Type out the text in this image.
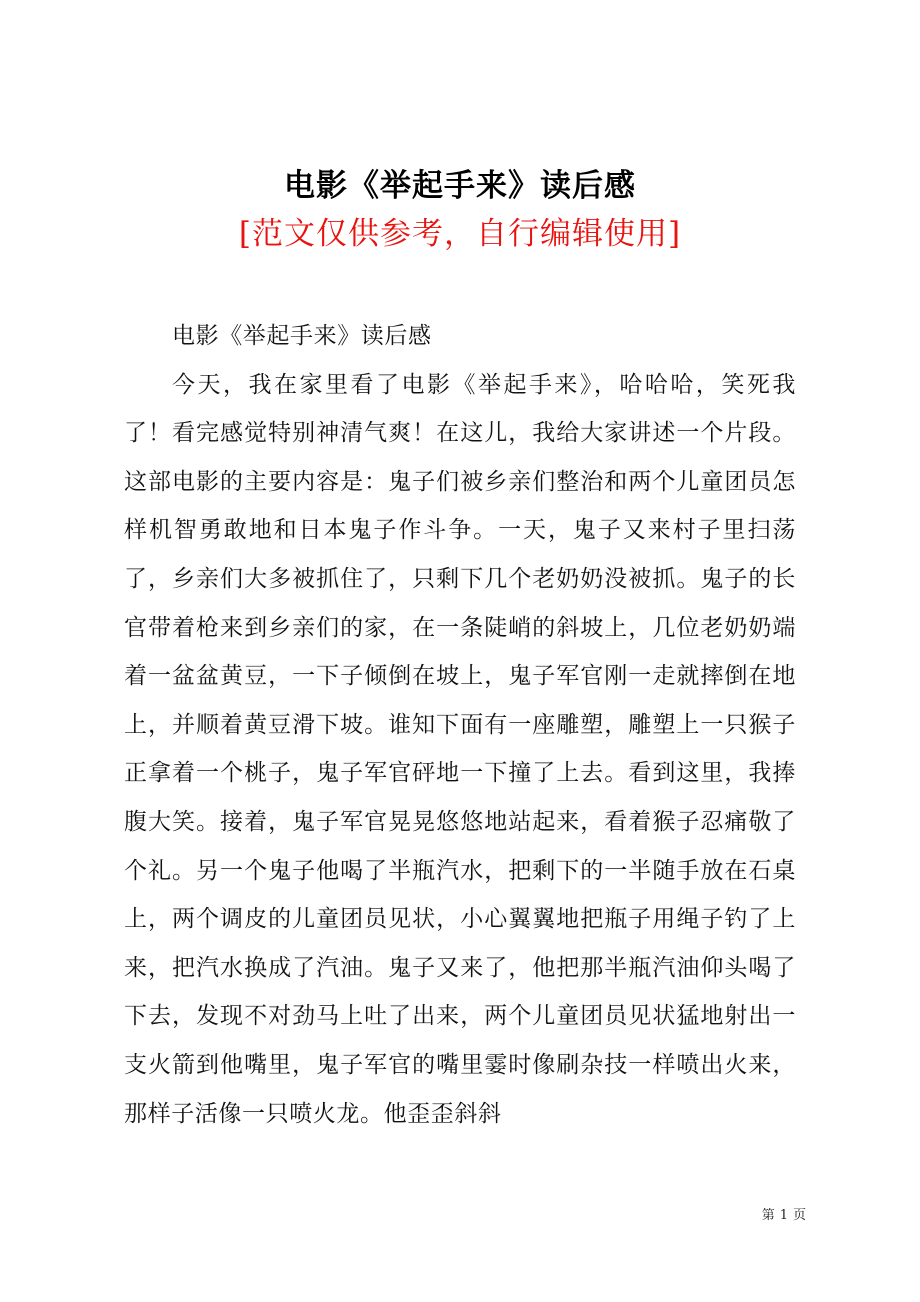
电影《举起手来》读后感
[范文仅供参考，自行编辑使用]

电影《举起手来》读后感

今天，我在家里看了电影《举起手来》，哈哈哈，笑死我了！看完感觉特别神清气爽！在这儿，我给大家讲述一个片段。这部电影的主要内容是：鬼子们被乡亲们整治和两个儿童团员怎样机智勇敢地和日本鬼子作斗争。一天，鬼子又来村子里扫荡了，乡亲们大多被抓住了，只剩下几个老奶奶没被抓。鬼子的长官带着枪来到乡亲们的家，在一条陡峭的斜坡上，几位老奶奶端着一盆盆黄豆，一下子倾倒在坡上，鬼子军官刚一走就摔倒在地上，并顺着黄豆滑下坡。谁知下面有一座雕塑，雕塑上一只猴子正拿着一个桃子，鬼子军官砰地一下撞了上去。看到这里，我捧腹大笑。接着，鬼子军官晃晃悠悠地站起来，看着猴子忍痛敬了个礼。另一个鬼子他喝了半瓶汽水，把剩下的一半随手放在石桌上，两个调皮的儿童团员见状，小心翼翼地把瓶子用绳子钓了上来，把汽水换成了汽油。鬼子又来了，他把那半瓶汽油仰头喝了下去，发现不对劲马上吐了出来，两个儿童团员见状猛地射出一支火箭到他嘴里，鬼子军官的嘴里霎时像刷杂技一样喷出火来，那样子活像一只喷火龙。他歪歪斜斜

第 1 页
